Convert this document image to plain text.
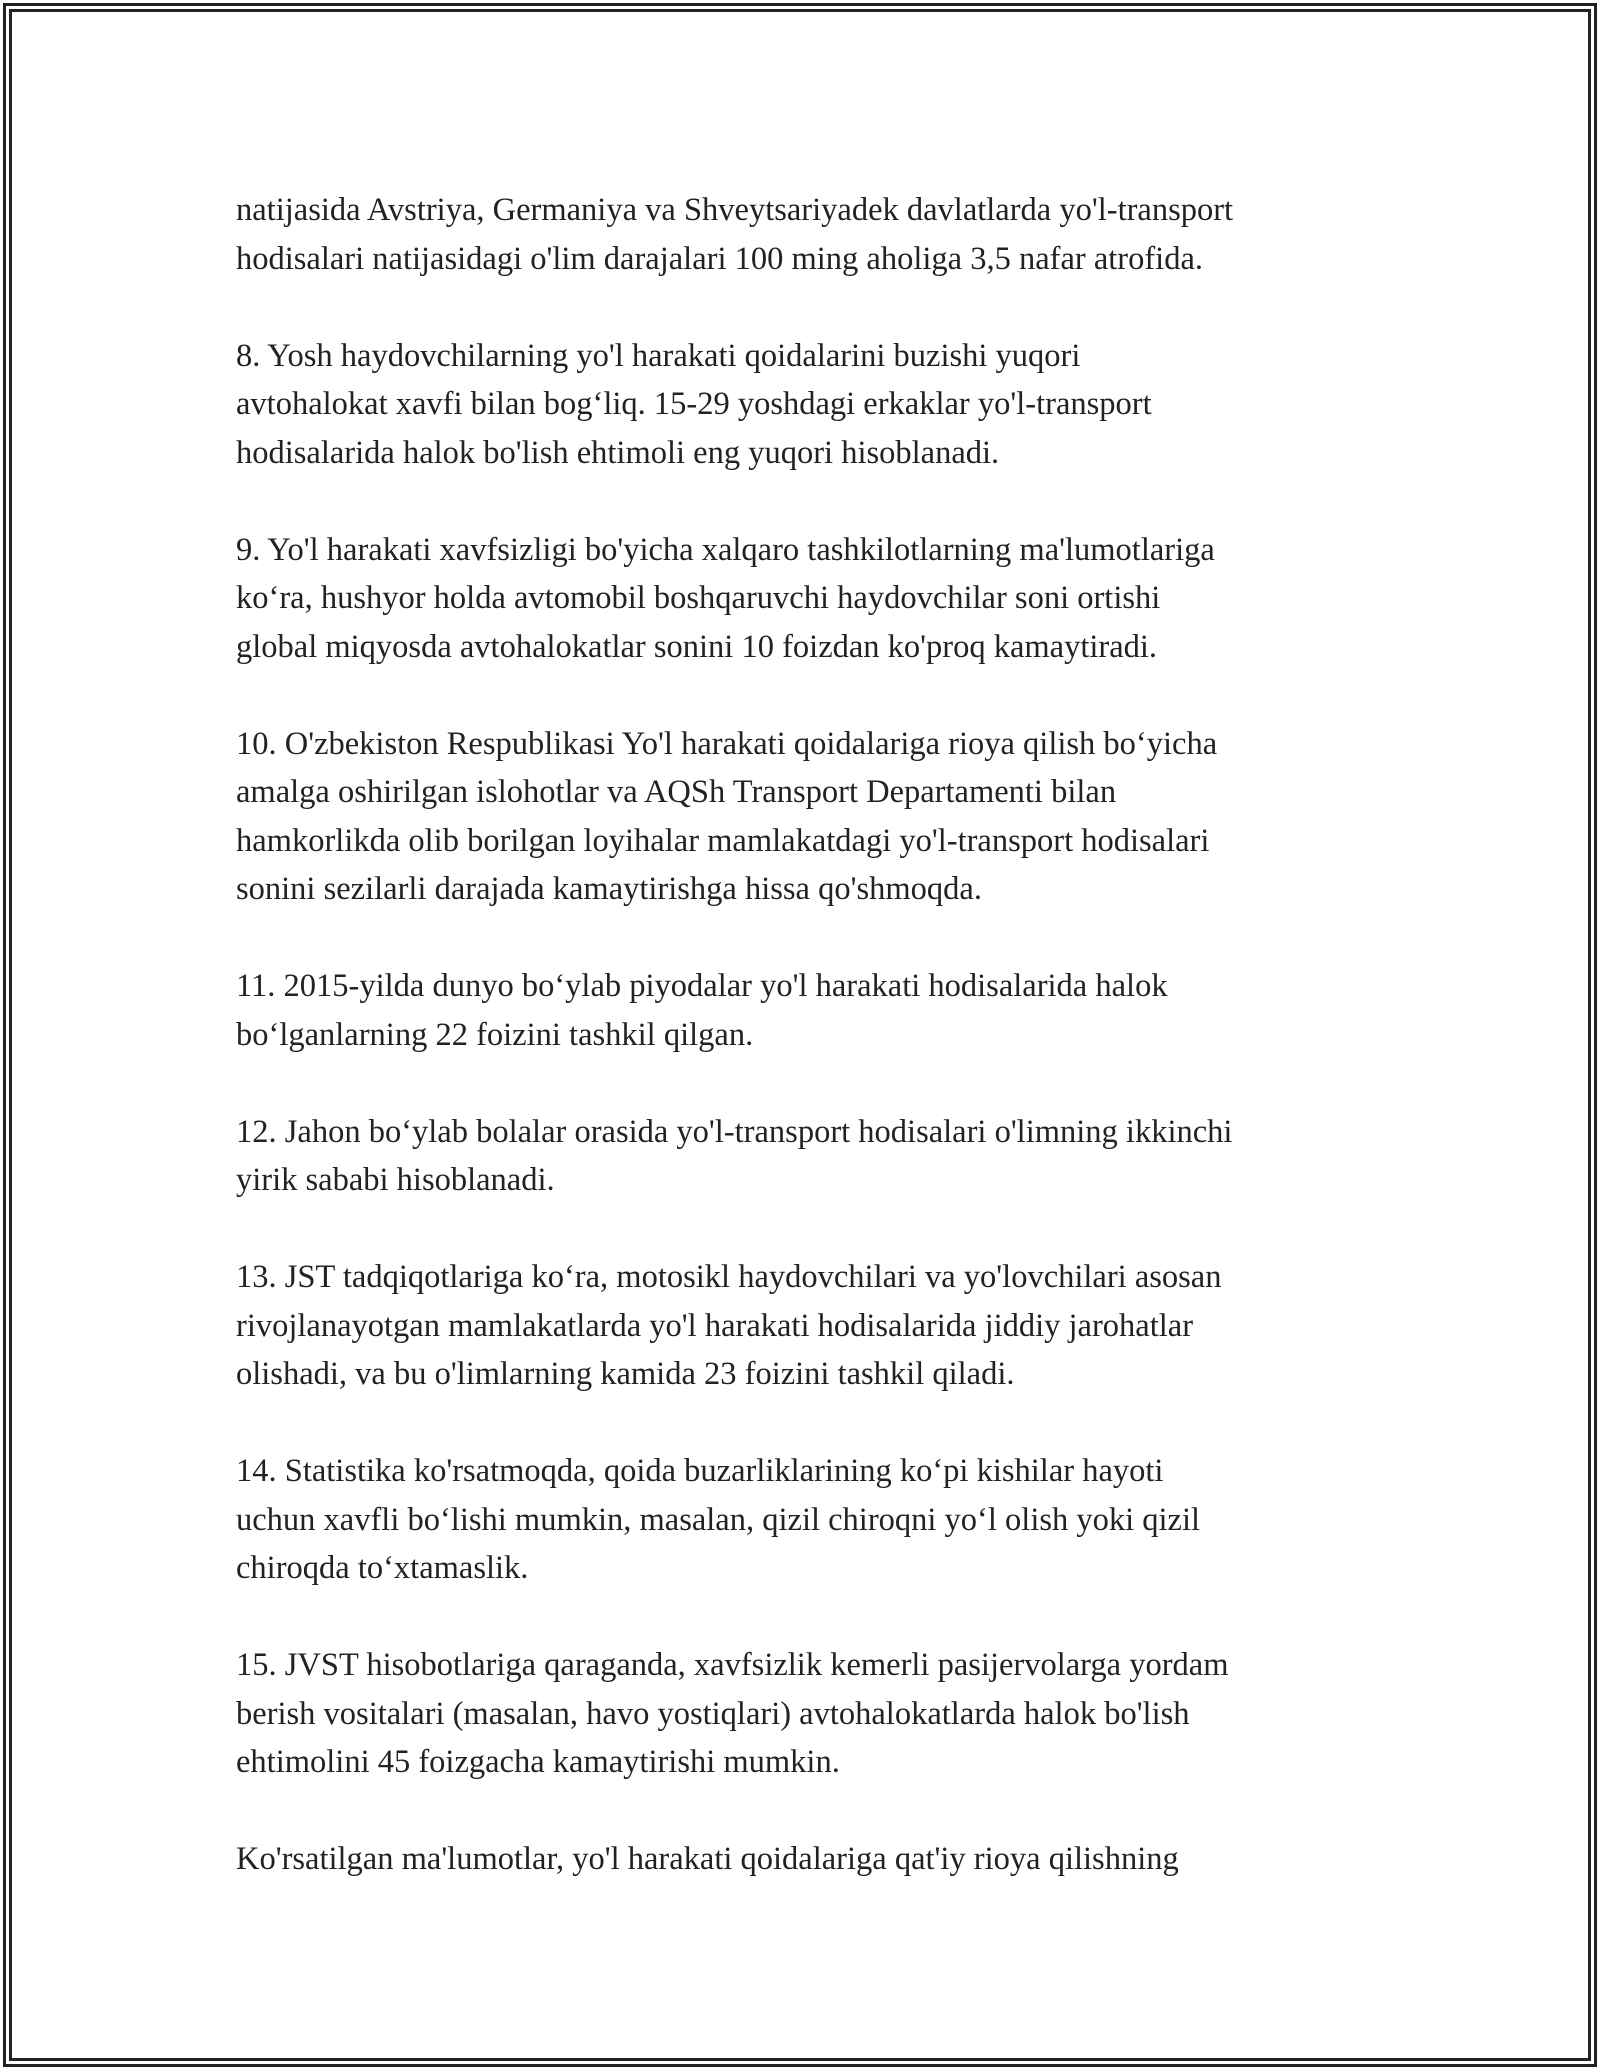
natijasida Avstriya, Germaniya va Shveytsariyadek davlatlarda yo'l-transport
hodisalari natijasidagi o'lim darajalari 100 ming aholiga 3,5 nafar atrofida.

8. Yosh haydovchilarning yo'l harakati qoidalarini buzishi yuqori
avtohalokat xavfi bilan bog‘liq. 15-29 yoshdagi erkaklar yo'l-transport
hodisalarida halok bo'lish ehtimoli eng yuqori hisoblanadi.

9. Yo'l harakati xavfsizligi bo'yicha xalqaro tashkilotlarning ma'lumotlariga
ko‘ra, hushyor holda avtomobil boshqaruvchi haydovchilar soni ortishi
global miqyosda avtohalokatlar sonini 10 foizdan ko'proq kamaytiradi.

10. O'zbekiston Respublikasi Yo'l harakati qoidalariga rioya qilish bo‘yicha
amalga oshirilgan islohotlar va AQSh Transport Departamenti bilan
hamkorlikda olib borilgan loyihalar mamlakatdagi yo'l-transport hodisalari
sonini sezilarli darajada kamaytirishga hissa qo'shmoqda.

11. 2015-yilda dunyo bo‘ylab piyodalar yo'l harakati hodisalarida halok
bo‘lganlarning 22 foizini tashkil qilgan.

12. Jahon bo‘ylab bolalar orasida yo'l-transport hodisalari o'limning ikkinchi
yirik sababi hisoblanadi.

13. JST tadqiqotlariga ko‘ra, motosikl haydovchilari va yo'lovchilari asosan
rivojlanayotgan mamlakatlarda yo'l harakati hodisalarida jiddiy jarohatlar
olishadi, va bu o'limlarning kamida 23 foizini tashkil qiladi.

14. Statistika ko'rsatmoqda, qoida buzarliklarining ko‘pi kishilar hayoti
uchun xavfli bo‘lishi mumkin, masalan, qizil chiroqni yo‘l olish yoki qizil
chiroqda to‘xtamaslik.

15. JVST hisobotlariga qaraganda, xavfsizlik kemerli pasijervolarga yordam
berish vositalari (masalan, havo yostiqlari) avtohalokatlarda halok bo'lish
ehtimolini 45 foizgacha kamaytirishi mumkin.

Ko'rsatilgan ma'lumotlar, yo'l harakati qoidalariga qat'iy rioya qilishning
